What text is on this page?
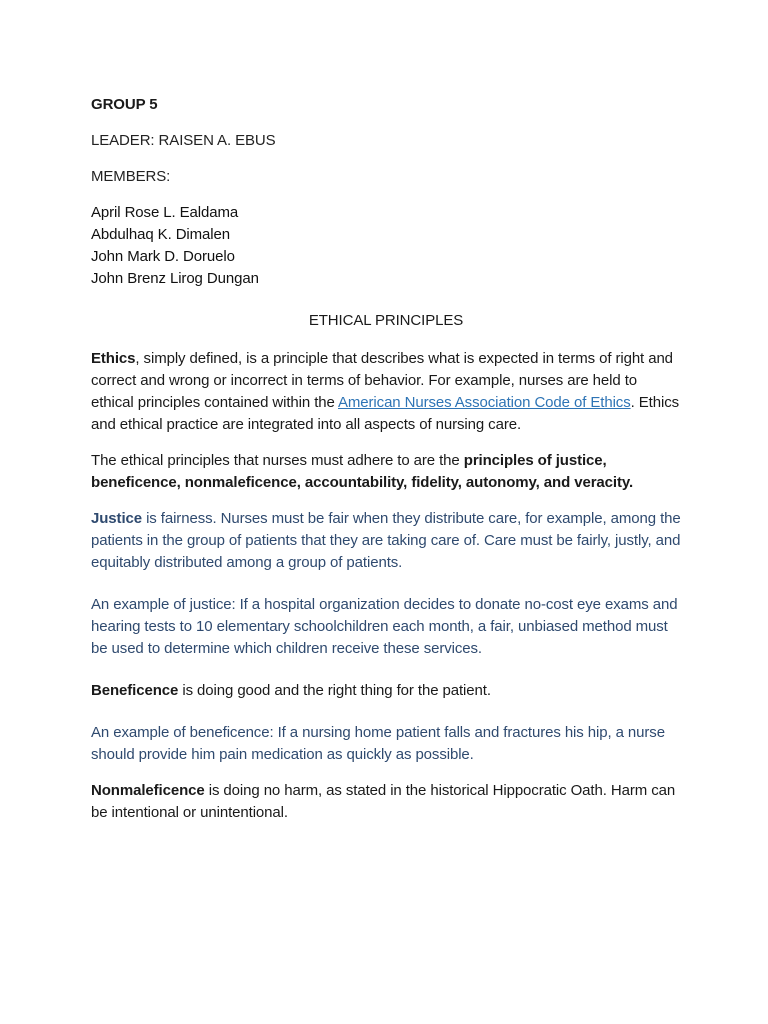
GROUP 5
LEADER: RAISEN A. EBUS
MEMBERS:
April Rose L. Ealdama
Abdulhaq K. Dimalen
John Mark D. Doruelo
John Brenz Lirog Dungan
ETHICAL PRINCIPLES

Ethics, simply defined, is a principle that describes what is expected in terms of right and correct and wrong or incorrect in terms of behavior. For example, nurses are held to ethical principles contained within the American Nurses Association Code of Ethics. Ethics and ethical practice are integrated into all aspects of nursing care.

The ethical principles that nurses must adhere to are the principles of justice, beneficence, nonmaleficence, accountability, fidelity, autonomy, and veracity.

Justice is fairness. Nurses must be fair when they distribute care, for example, among the patients in the group of patients that they are taking care of. Care must be fairly, justly, and equitably distributed among a group of patients.

An example of justice: If a hospital organization decides to donate no-cost eye exams and hearing tests to 10 elementary schoolchildren each month, a fair, unbiased method must be used to determine which children receive these services.

Beneficence is doing good and the right thing for the patient.

An example of beneficence: If a nursing home patient falls and fractures his hip, a nurse should provide him pain medication as quickly as possible.

Nonmaleficence is doing no harm, as stated in the historical Hippocratic Oath. Harm can be intentional or unintentional.
